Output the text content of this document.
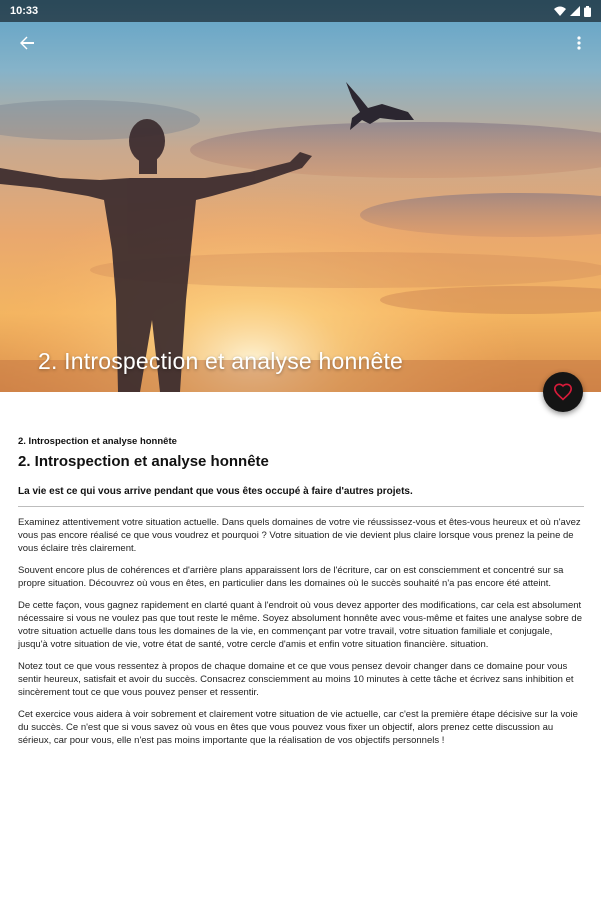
10:33
2. Introspection et analyse honnête
2. Introspection et analyse honnête
2. Introspection et analyse honnête
La vie est ce qui vous arrive pendant que vous êtes occupé à faire d'autres projets.

Examinez attentivement votre situation actuelle. Dans quels domaines de votre vie réussissez-vous et êtes-vous heureux et où n'avez vous pas encore réalisé ce que vous voudrez et pourquoi ? Votre situation de vie devient plus claire lorsque vous prenez la peine de vous éclaire très clairement.

Souvent encore plus de cohérences et d'arrière plans apparaissent lors de l'écriture, car on est consciemment et concentré sur sa propre situation. Découvrez où vous en êtes, en particulier dans les domaines où le succès souhaité n'a pas encore été atteint.

De cette façon, vous gagnez rapidement en clarté quant à l'endroit où vous devez apporter des modifications, car cela est absolument nécessaire si vous ne voulez pas que tout reste le même. Soyez absolument honnête avec vous-même et faites une analyse sobre de votre situation actuelle dans tous les domaines de la vie, en commençant par votre travail, votre situation familiale et conjugale, jusqu'à votre situation de vie, votre état de santé, votre cercle d'amis et enfin votre situation financière. situation.

Notez tout ce que vous ressentez à propos de chaque domaine et ce que vous pensez devoir changer dans ce domaine pour vous sentir heureux, satisfait et avoir du succès. Consacrez consciemment au moins 10 minutes à cette tâche et écrivez sans inhibition et sincèrement tout ce que vous pouvez penser et ressentir.

Cet exercice vous aidera à voir sobrement et clairement votre situation de vie actuelle, car c'est la première étape décisive sur la voie du succès. Ce n'est que si vous savez où vous en êtes que vous pouvez vous fixer un objectif, alors prenez cette discussion au sérieux, car pour vous, elle n'est pas moins importante que la réalisation de vos objectifs personnels !
